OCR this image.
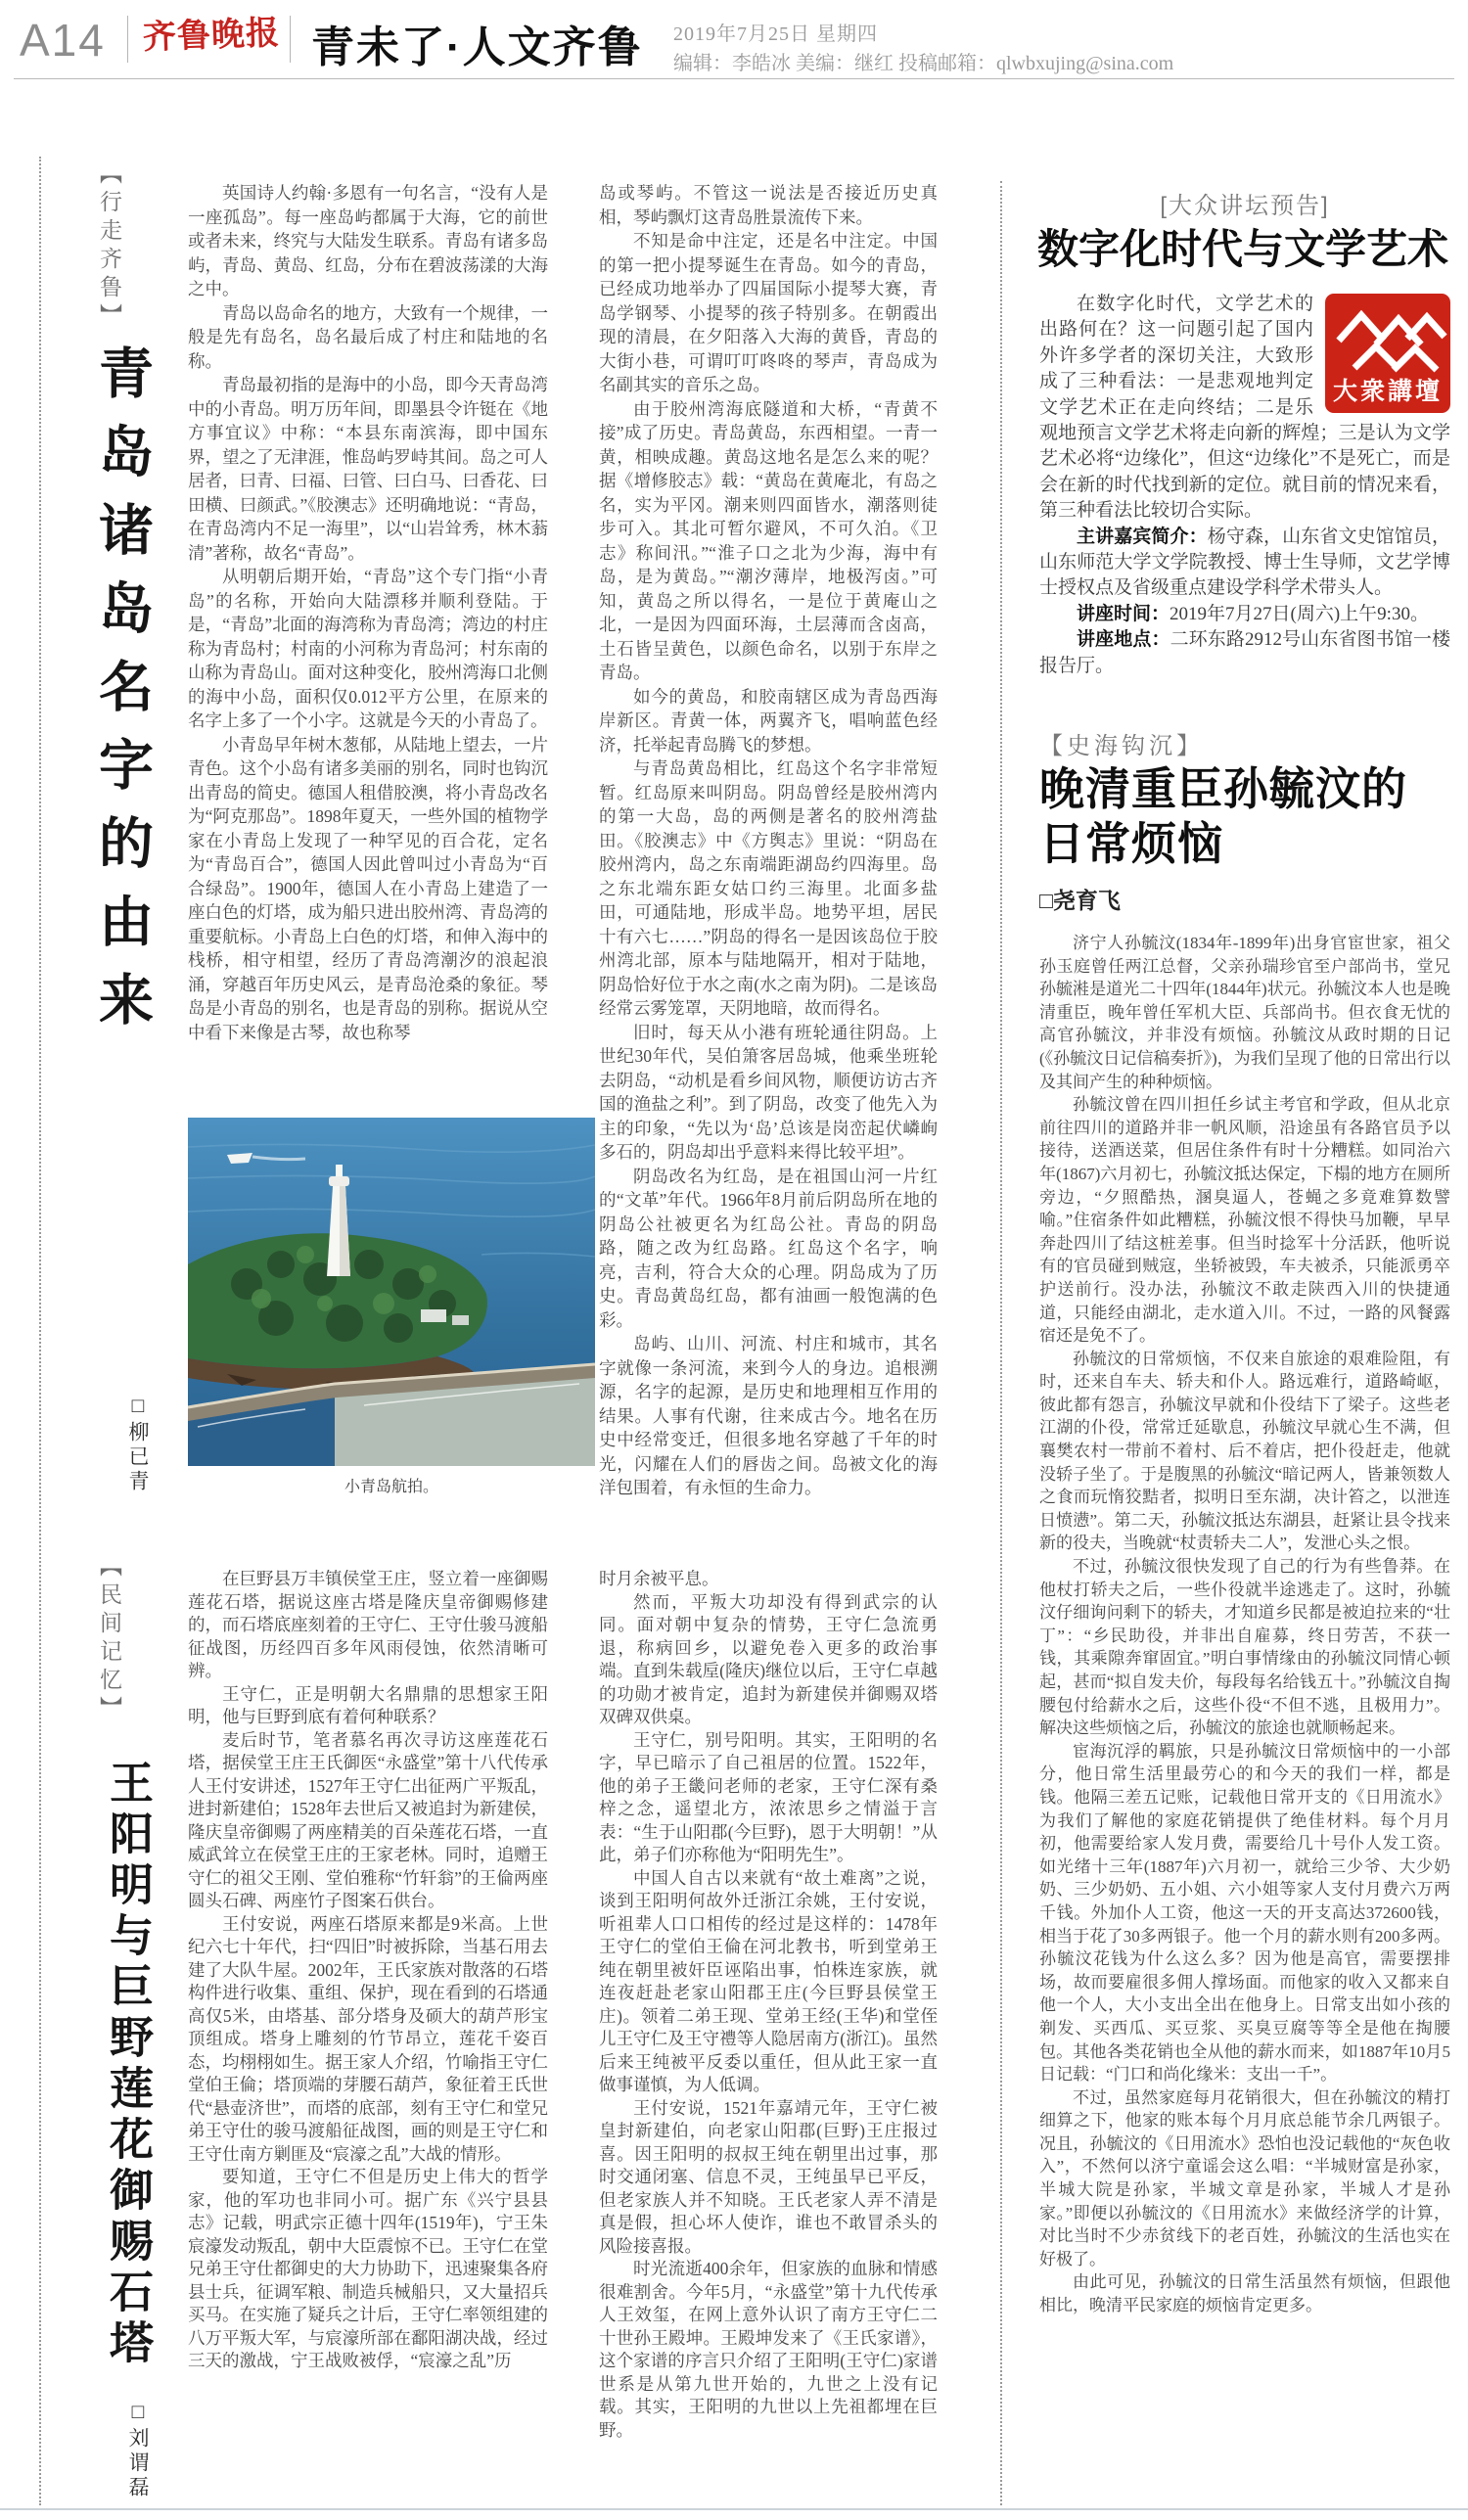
A14 齐鲁晚报 青未了·人文齐鲁 2019年7月25日 星期四
编辑：李皓冰 美编：继红 投稿邮箱：qlwbxujing@sina.com
【行走齐鲁】
青岛诸岛名字的由来
□柳已青

英国诗人约翰·多恩有一句名言，“没有人是一座孤岛”。每一座岛屿都属于大海，它的前世或者未来，终究与大陆发生联系。青岛有诸多岛屿，青岛、黄岛、红岛，分布在碧波荡漾的大海之中。

青岛以岛命名的地方，大致有一个规律，一般是先有岛名，岛名最后成了村庄和陆地的名称。

青岛最初指的是海中的小岛，即今天青岛湾中的小青岛。明万历年间，即墨县令许铤在《地方事宜议》中称：“本县东南滨海，即中国东界，望之了无津涯，惟岛屿罗峙其间。岛之可人居者，曰青、曰福、曰管、曰白马、曰香花、曰田横、曰颜武。”《胶澳志》还明确地说：“青岛，在青岛湾内不足一海里”，以“山岩耸秀，林木蓊清”著称，故名“青岛”。

从明朝后期开始，“青岛”这个专门指“小青岛”的名称，开始向大陆漂移并顺利登陆。于是，“青岛”北面的海湾称为青岛湾；湾边的村庄称为青岛村；村南的小河称为青岛河；村东南的山称为青岛山。面对这种变化，胶州湾海口北侧的海中小岛，面积仅0.012平方公里，在原来的名字上多了一个小字。这就是今天的小青岛了。

小青岛早年树木葱郁，从陆地上望去，一片青色。这个小岛有诸多美丽的别名，同时也钩沉出青岛的简史。德国人租借胶澳，将小青岛改名为“阿克那岛”。1898年夏天，一些外国的植物学家在小青岛上发现了一种罕见的百合花，定名为“青岛百合”，德国人因此曾叫过小青岛为“百合绿岛”。1900年，德国人在小青岛上建造了一座白色的灯塔，成为船只进出胶州湾、青岛湾的重要航标。小青岛上白色的灯塔，和伸入海中的栈桥，相守相望，经历了青岛湾潮汐的浪起浪涌，穿越百年历史风云，是青岛沧桑的象征。琴岛是小青岛的别名，也是青岛的别称。据说从空中看下来像是古琴，故也称琴

岛或琴屿。不管这一说法是否接近历史真相，琴屿飘灯这青岛胜景流传下来。

不知是命中注定，还是名中注定。中国的第一把小提琴诞生在青岛。如今的青岛，已经成功地举办了四届国际小提琴大赛，青岛学钢琴、小提琴的孩子特别多。在朝霞出现的清晨，在夕阳落入大海的黄昏，青岛的大街小巷，可谓叮叮咚咚的琴声，青岛成为名副其实的音乐之岛。

由于胶州湾海底隧道和大桥，“青黄不接”成了历史。青岛黄岛，东西相望。一青一黄，相映成趣。黄岛这地名是怎么来的呢？据《增修胶志》载：“黄岛在黄庵北，有岛之名，实为平冈。潮来则四面皆水，潮落则徒步可入。其北可暂尔避风，不可久泊。《卫志》称间汛。”“淮子口之北为少海，海中有岛，是为黄岛。”“潮汐薄岸，地极泻卤。”可知，黄岛之所以得名，一是位于黄庵山之北，一是因为四面环海，土层薄而含卤高，土石皆呈黄色，以颜色命名，以别于东岸之青岛。

如今的黄岛，和胶南辖区成为青岛西海岸新区。青黄一体，两翼齐飞，唱响蓝色经济，托举起青岛腾飞的梦想。

与青岛黄岛相比，红岛这个名字非常短暂。红岛原来叫阴岛。阴岛曾经是胶州湾内的第一大岛，岛的两侧是著名的胶州湾盐田。《胶澳志》中《方舆志》里说：“阴岛在胶州湾内，岛之东南端距湖岛约四海里。岛之东北端东距女姑口约三海里。北面多盐田，可通陆地，形成半岛。地势平坦，居民十有六七……”阴岛的得名一是因该岛位于胶州湾北部，原本与陆地隔开，相对于陆地，阴岛恰好位于水之南(水之南为阴)。二是该岛经常云雾笼罩，天阴地暗，故而得名。

旧时，每天从小港有班轮通往阴岛。上世纪30年代，吴伯箫客居岛城，他乘坐班轮去阴岛，“动机是看乡间风物，顺便访访古齐国的渔盐之利”。到了阴岛，改变了他先入为主的印象，“先以为‘岛’总该是岗峦起伏嶙峋多石的，阴岛却出乎意料来得比较平坦”。

阴岛改名为红岛，是在祖国山河一片红的“文革”年代。1966年8月前后阴岛所在地的阴岛公社被更名为红岛公社。青岛的阴岛路，随之改为红岛路。红岛这个名字，响亮，吉利，符合大众的心理。阴岛成为了历史。青岛黄岛红岛，都有油画一般饱满的色彩。

岛屿、山川、河流、村庄和城市，其名字就像一条河流，来到今人的身边。追根溯源，名字的起源，是历史和地理相互作用的结果。人事有代谢，往来成古今。地名在历史中经常变迁，但很多地名穿越了千年的时光，闪耀在人们的唇齿之间。岛被文化的海洋包围着，有永恒的生命力。

小青岛航拍。
[大众讲坛预告]
数字化时代与文学艺术
大衆講壇

在数字化时代，文学艺术的出路何在？这一问题引起了国内外许多学者的深切关注，大致形成了三种看法：一是悲观地判定文学艺术正在走向终结；二是乐观地预言文学艺术将走向新的辉煌；三是认为文学艺术必将“边缘化”，但这“边缘化”不是死亡，而是会在新的时代找到新的定位。就目前的情况来看，第三种看法比较切合实际。

主讲嘉宾简介：杨守森，山东省文史馆馆员，山东师范大学文学院教授、博士生导师，文艺学博士授权点及省级重点建设学科学术带头人。

讲座时间：2019年7月27日(周六)上午9:30。

讲座地点：二环东路2912号山东省图书馆一楼报告厅。

【史海钩沉】
晚清重臣孙毓汶的
日常烦恼
□尧育飞

济宁人孙毓汶(1834年-1899年)出身官宦世家，祖父孙玉庭曾任两江总督，父亲孙瑞珍官至户部尚书，堂兄孙毓溎是道光二十四年(1844年)状元。孙毓汶本人也是晚清重臣，晚年曾任军机大臣、兵部尚书。但衣食无忧的高官孙毓汶，并非没有烦恼。孙毓汶从政时期的日记(《孙毓汶日记信稿奏折》)，为我们呈现了他的日常出行以及其间产生的种种烦恼。

孙毓汶曾在四川担任乡试主考官和学政，但从北京前往四川的道路并非一帆风顺，沿途虽有各路官员予以接待，送酒送菜，但居住条件有时十分糟糕。如同治六年(1867)六月初七，孙毓汶抵达保定，下榻的地方在厕所旁边，“夕照酷热，溷臭逼人，苍蝇之多竟难算数譬喻。”住宿条件如此糟糕，孙毓汶恨不得快马加鞭，早早奔赴四川了结这桩差事。但当时捻军十分活跃，他听说有的官员碰到贼寇，坐轿被毁，车夫被杀，只能派勇卒护送前行。没办法，孙毓汶不敢走陕西入川的快捷通道，只能经由湖北，走水道入川。不过，一路的风餐露宿还是免不了。

孙毓汶的日常烦恼，不仅来自旅途的艰难险阻，有时，还来自车夫、轿夫和仆人。路远难行，道路崎岖，彼此都有怨言，孙毓汶早就和仆役结下了梁子。这些老江湖的仆役，常常迁延歇息，孙毓汶早就心生不满，但襄樊农村一带前不着村、后不着店，把仆役赶走，他就没轿子坐了。于是腹黑的孙毓汶“暗记两人，皆兼领数人之食而玩惰狡黠者，拟明日至东湖，决计笞之，以泄连日愤懑”。第二天，孙毓汶抵达东湖县，赶紧让县令找来新的役夫，当晚就“杖责轿夫二人”，发泄心头之恨。

不过，孙毓汶很快发现了自己的行为有些鲁莽。在他杖打轿夫之后，一些仆役就半途逃走了。这时，孙毓汶仔细询问剩下的轿夫，才知道乡民都是被迫拉来的“壮丁”：“乡民助役，并非出自雇募，终日劳苦，不获一钱，其乘隙奔窜固宜。”明白事情缘由的孙毓汶同情心顿起，甚而“拟自发夫价，每段每名给钱五十。”孙毓汶自掏腰包付给薪水之后，这些仆役“不但不逃，且极用力”。解决这些烦恼之后，孙毓汶的旅途也就顺畅起来。

宦海沉浮的羁旅，只是孙毓汶日常烦恼中的一小部分，他日常生活里最劳心的和今天的我们一样，都是钱。他隔三差五记账，记载他日常开支的《日用流水》为我们了解他的家庭花销提供了绝佳材料。每个月月初，他需要给家人发月费，需要给几十号仆人发工资。如光绪十三年(1887年)六月初一，就给三少爷、大少奶奶、三少奶奶、五小姐、六小姐等家人支付月费六万两千钱。外加仆人工资，他这一天的开支高达372600钱，相当于花了30多两银子。他一个月的薪水则有200多两。孙毓汶花钱为什么这么多？因为他是高官，需要摆排场，故而要雇很多佣人撑场面。而他家的收入又都来自他一个人，大小支出全出在他身上。日常支出如小孩的剃发、买西瓜、买豆浆、买臭豆腐等等全是他在掏腰包。其他各类花销也全从他的薪水而来，如1887年10月5日记载：“门口和尚化缘米：支出一千”。

不过，虽然家庭每月花销很大，但在孙毓汶的精打细算之下，他家的账本每个月月底总能节余几两银子。况且，孙毓汶的《日用流水》恐怕也没记载他的“灰色收入”，不然何以济宁童谣会这么唱：“半城财富是孙家，半城大院是孙家，半城文章是孙家，半城人才是孙家。”即便以孙毓汶的《日用流水》来做经济学的计算，对比当时不少赤贫线下的老百姓，孙毓汶的生活也实在好极了。

由此可见，孙毓汶的日常生活虽然有烦恼，但跟他相比，晚清平民家庭的烦恼肯定更多。

【民间记忆】
王阳明与巨野莲花御赐石塔
□刘谓磊

在巨野县万丰镇侯堂王庄，竖立着一座御赐莲花石塔，据说这座古塔是隆庆皇帝御赐修建的，而石塔底座刻着的王守仁、王守仕骏马渡船征战图，历经四百多年风雨侵蚀，依然清晰可辨。

王守仁，正是明朝大名鼎鼎的思想家王阳明，他与巨野到底有着何种联系？

麦后时节，笔者慕名再次寻访这座莲花石塔，据侯堂王庄王氏御医“永盛堂”第十八代传承人王付安讲述，1527年王守仁出征两广平叛乱，进封新建伯；1528年去世后又被追封为新建侯，隆庆皇帝御赐了两座精美的百朵莲花石塔，一直威武耸立在侯堂王庄的王家老林。同时，追赠王守仁的祖父王刚、堂伯雅称“竹轩翁”的王倫两座圆头石碑、两座竹子图案石供台。

王付安说，两座石塔原来都是9米高。上世纪六七十年代，扫“四旧”时被拆除，当基石用去建了大队牛屋。2002年，王氏家族对散落的石塔构件进行收集、重组、保护，现在看到的石塔通高仅5米，由塔基、部分塔身及硕大的葫芦形宝顶组成。塔身上雕刻的竹节昂立，莲花千姿百态，均栩栩如生。据王家人介绍，竹喻指王守仁堂伯王倫；塔顶端的芽腰石葫芦，象征着王氏世代“悬壶济世”，而塔的底部，刻有王守仁和堂兄弟王守仕的骏马渡船征战图，画的则是王守仁和王守仕南方剿匪及“宸濠之乱”大战的情形。

要知道，王守仁不但是历史上伟大的哲学家，他的军功也非同小可。据广东《兴宁县县志》记载，明武宗正德十四年(1519年)，宁王朱宸濠发动叛乱，朝中大臣震惊不已。王守仁在堂兄弟王守仕都御史的大力协助下，迅速聚集各府县士兵，征调军粮、制造兵械船只，又大量招兵买马。在实施了疑兵之计后，王守仁率领组建的八万平叛大军，与宸濠所部在鄱阳湖决战，经过三天的激战，宁王战败被俘，“宸濠之乱”历

时月余被平息。

然而，平叛大功却没有得到武宗的认同。面对朝中复杂的情势，王守仁急流勇退，称病回乡，以避免卷入更多的政治事端。直到朱载垕(隆庆)继位以后，王守仁卓越的功勋才被肯定，追封为新建侯并御赐双塔双碑双供桌。

王守仁，别号阳明。其实，王阳明的名字，早已暗示了自己祖居的位置。1522年，他的弟子王畿问老师的老家，王守仁深有桑梓之念，遥望北方，浓浓思乡之情溢于言表：“生于山阳郡(今巨野)，恩于大明朝！”从此，弟子们亦称他为“阳明先生”。

中国人自古以来就有“故土难离”之说，谈到王阳明何故外迁浙江余姚，王付安说，听祖辈人口口相传的经过是这样的：1478年王守仁的堂伯王倫在河北教书，听到堂弟王纯在朝里被奸臣诬陷出事，怕株连家族，就连夜赶赴老家山阳郡王庄(今巨野县侯堂王庄)。领着二弟王现、堂弟王经(王华)和堂侄儿王守仁及王守禮等人隐居南方(浙江)。虽然后来王纯被平反委以重任，但从此王家一直做事谨慎，为人低调。

王付安说，1521年嘉靖元年，王守仁被皇封新建伯，向老家山阳郡(巨野)王庄报过喜。因王阳明的叔叔王纯在朝里出过事，那时交通闭塞、信息不灵，王纯虽早已平反，但老家族人并不知晓。王氏老家人弄不清是真是假，担心坏人使诈，谁也不敢冒杀头的风险接喜报。

时光流逝400余年，但家族的血脉和情感很难割舍。今年5月，“永盛堂”第十九代传承人王效玺，在网上意外认识了南方王守仁二十世孙王殿坤。王殿坤发来了《王氏家谱》，这个家谱的序言只介绍了王阳明(王守仁)家谱世系是从第九世开始的，九世之上没有记载。其实，王阳明的九世以上先祖都埋在巨野。
